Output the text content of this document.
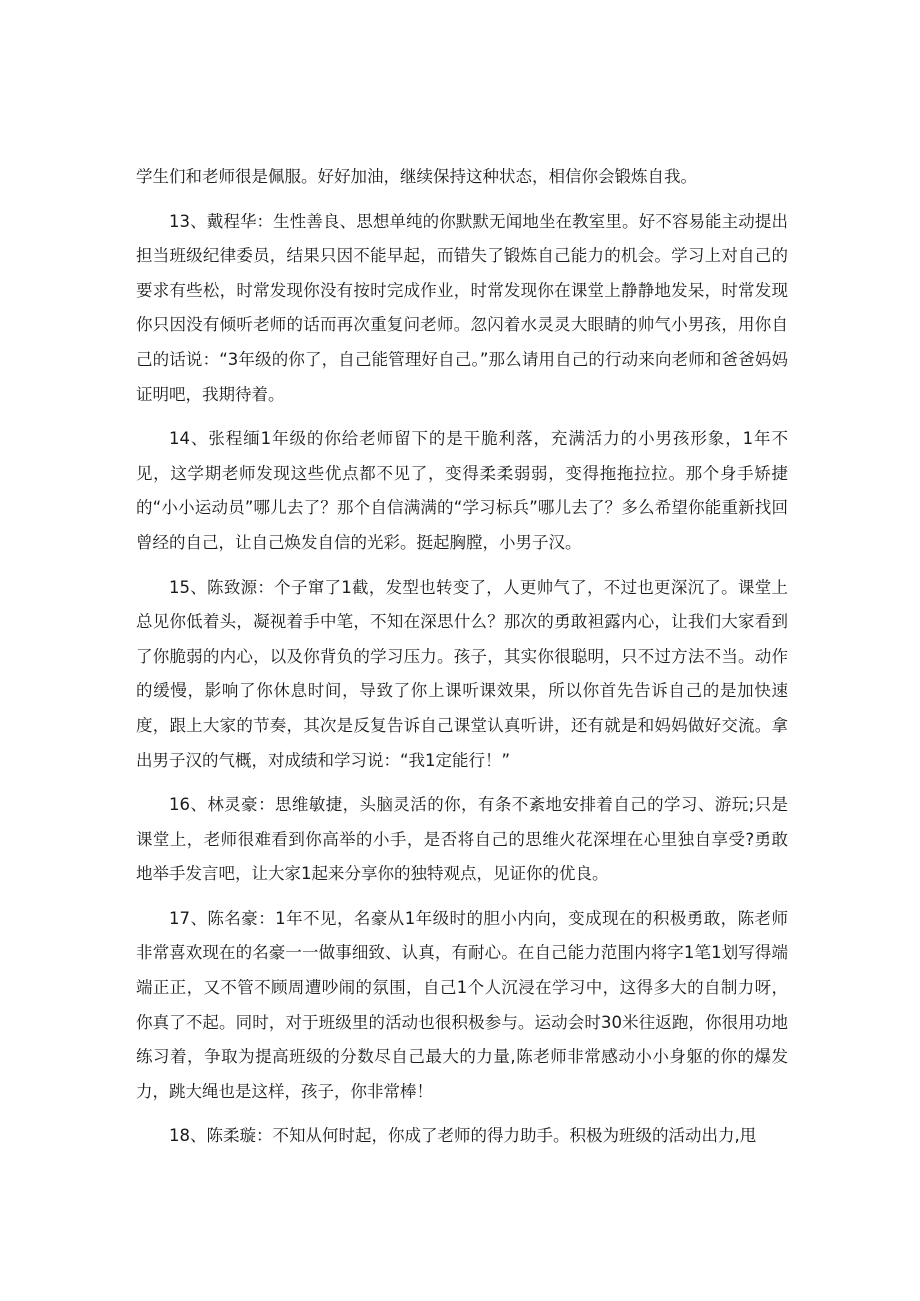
学生们和老师很是佩服。好好加油，继续保持这种状态，相信你会锻炼自我。

13、戴程华：生性善良、思想单纯的你默默无闻地坐在教室里。好不容易能主动提出担当班级纪律委员，结果只因不能早起，而错失了锻炼自己能力的机会。学习上对自己的要求有些松，时常发现你没有按时完成作业，时常发现你在课堂上静静地发呆，时常发现你只因没有倾听老师的话而再次重复问老师。忽闪着水灵灵大眼睛的帅气小男孩，用你自己的话说：“3年级的你了，自己能管理好自己。”那么请用自己的行动来向老师和爸爸妈妈证明吧，我期待着。

14、张程缅1年级的你给老师留下的是干脆利落，充满活力的小男孩形象，1年不见，这学期老师发现这些优点都不见了，变得柔柔弱弱，变得拖拖拉拉。那个身手矫捷的“小小运动员”哪儿去了？那个自信满满的“学习标兵”哪儿去了？多么希望你能重新找回曾经的自己，让自己焕发自信的光彩。挺起胸膛，小男子汉。

15、陈致源：个子窜了1截，发型也转变了，人更帅气了，不过也更深沉了。课堂上总见你低着头，凝视着手中笔，不知在深思什么？那次的勇敢袒露内心，让我们大家看到了你脆弱的内心，以及你背负的学习压力。孩子，其实你很聪明，只不过方法不当。动作的缓慢，影响了你休息时间，导致了你上课听课效果，所以你首先告诉自己的是加快速度，跟上大家的节奏，其次是反复告诉自己课堂认真听讲，还有就是和妈妈做好交流。拿出男子汉的气概，对成绩和学习说：“我1定能行！”

16、林灵豪：思维敏捷，头脑灵活的你，有条不紊地安排着自己的学习、游玩;只是课堂上，老师很难看到你高举的小手，是否将自己的思维火花深埋在心里独自享受?勇敢地举手发言吧，让大家1起来分享你的独特观点，见证你的优良。

17、陈名豪：1年不见，名豪从1年级时的胆小内向，变成现在的积极勇敢，陈老师非常喜欢现在的名豪一一做事细致、认真，有耐心。在自己能力范围内将字1笔1划写得端端正正，又不管不顾周遭吵闹的氛围，自己1个人沉浸在学习中，这得多大的自制力呀，你真了不起。同时，对于班级里的活动也很积极参与。运动会时30米往返跑，你很用功地练习着，争取为提高班级的分数尽自己最大的力量,陈老师非常感动小小身躯的你的爆发力，跳大绳也是这样，孩子，你非常棒！

18、陈柔璇：不知从何时起，你成了老师的得力助手。积极为班级的活动出力,甩
